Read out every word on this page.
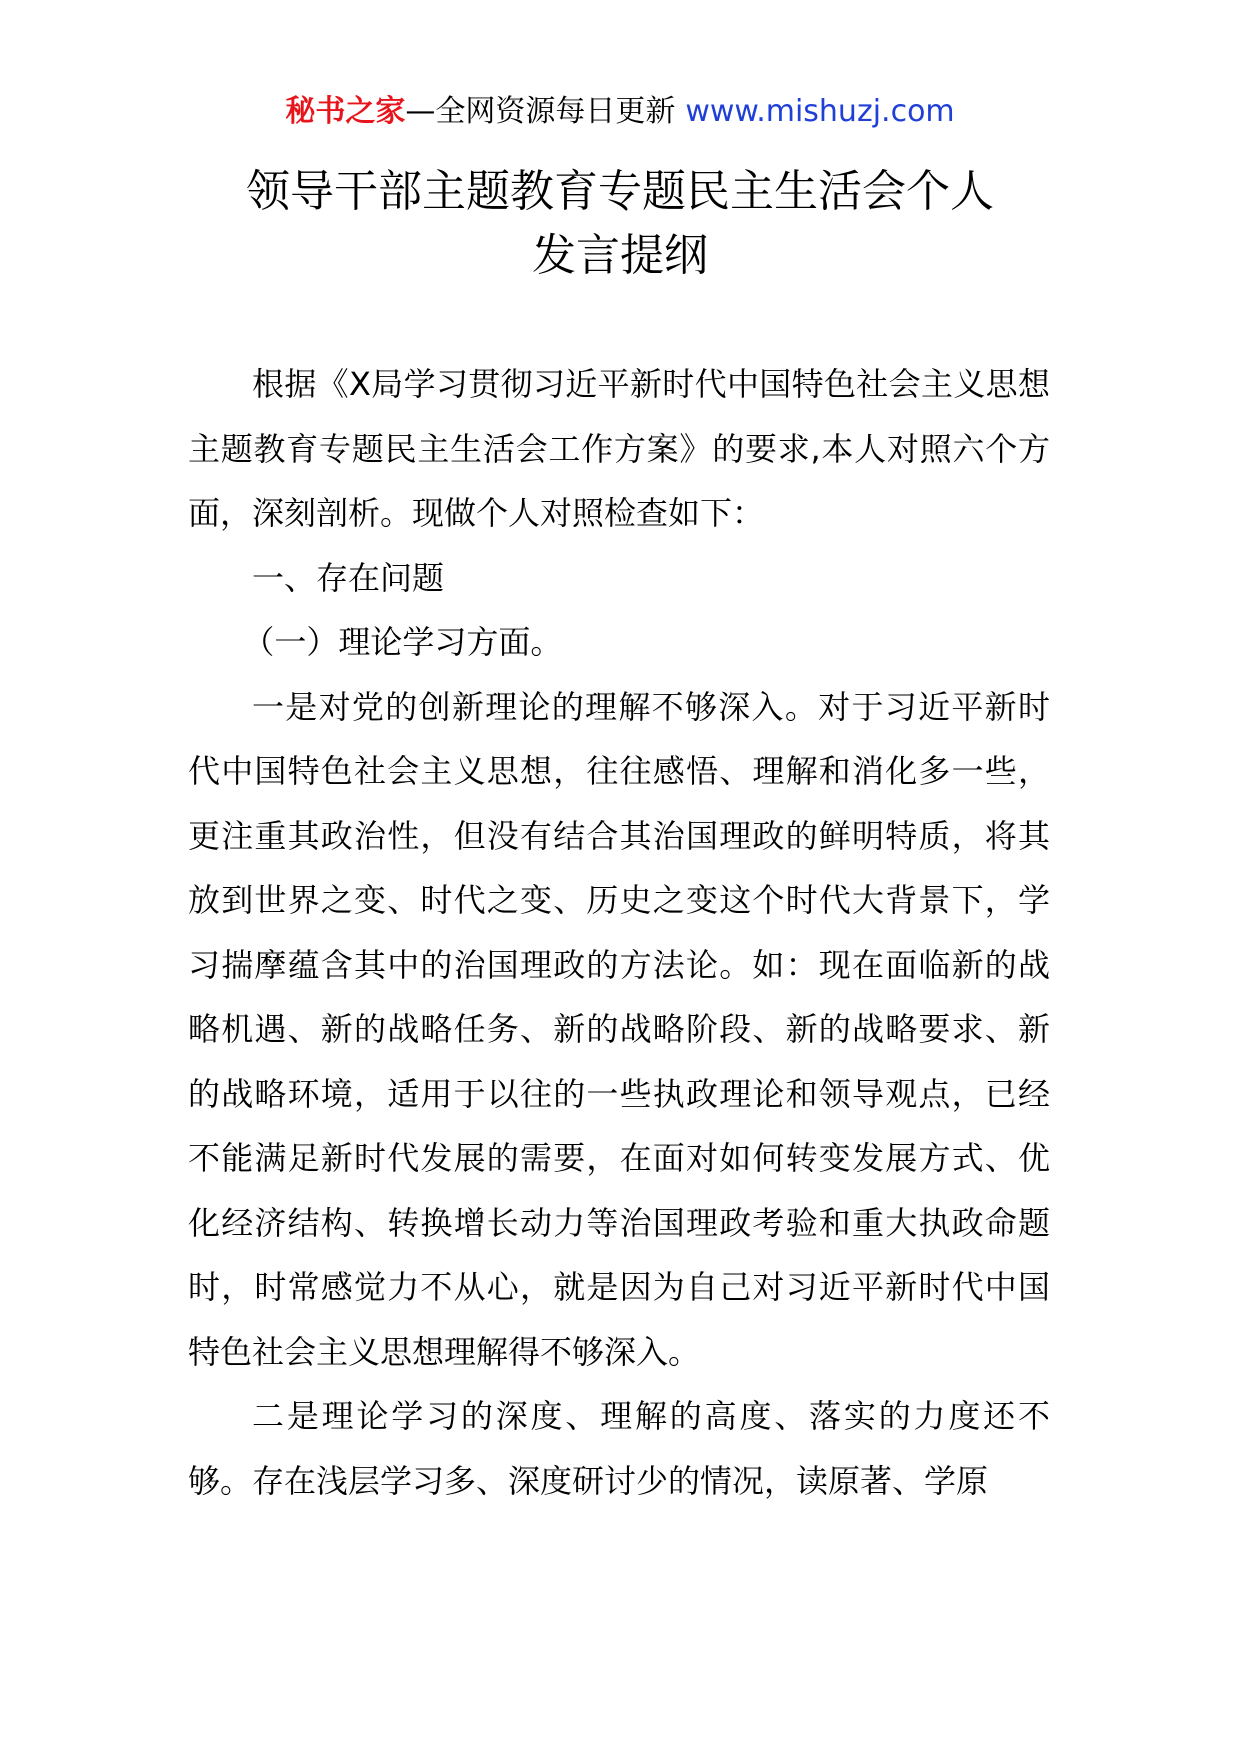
秘书之家—全网资源每日更新 www.mishuzj.com
领导干部主题教育专题民主生活会个人
发言提纲

根据《X局学习贯彻习近平新时代中国特色社会主义思想主题教育专题民主生活会工作方案》的要求,本人对照六个方面，深刻剖析。现做个人对照检查如下：

一、存在问题

（一）理论学习方面。

一是对党的创新理论的理解不够深入。对于习近平新时代中国特色社会主义思想，往往感悟、理解和消化多一些，更注重其政治性，但没有结合其治国理政的鲜明特质，将其放到世界之变、时代之变、历史之变这个时代大背景下，学习揣摩蕴含其中的治国理政的方法论。如：现在面临新的战略机遇、新的战略任务、新的战略阶段、新的战略要求、新的战略环境，适用于以往的一些执政理论和领导观点，已经不能满足新时代发展的需要，在面对如何转变发展方式、优化经济结构、转换增长动力等治国理政考验和重大执政命题时，时常感觉力不从心，就是因为自己对习近平新时代中国特色社会主义思想理解得不够深入。

二是理论学习的深度、理解的高度、落实的力度还不够。存在浅层学习多、深度研讨少的情况，读原著、学原
